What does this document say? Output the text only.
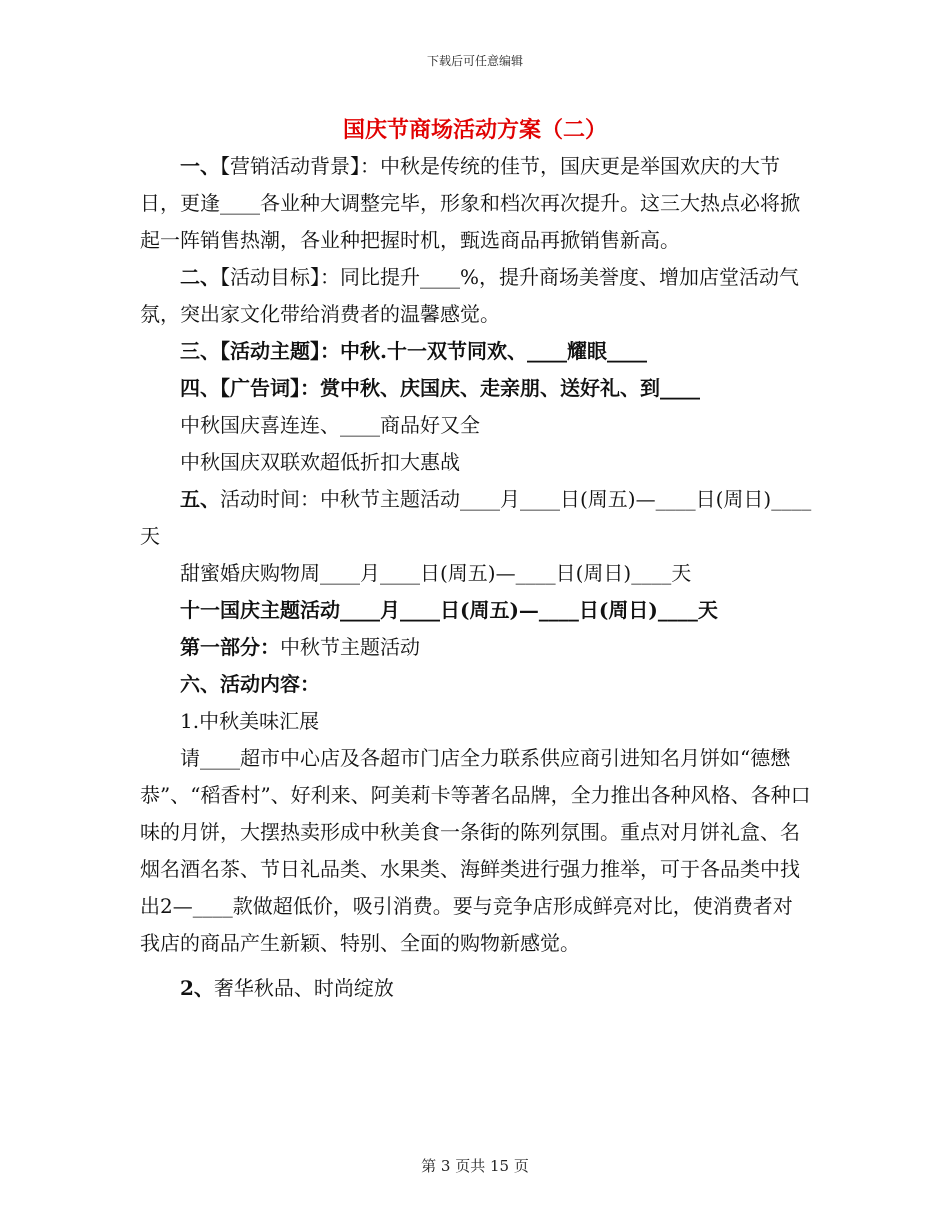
下载后可任意编辑
国庆节商场活动方案（二）

一、【营销活动背景】：中秋是传统的佳节，国庆更是举国欢庆的大节日，更逢____各业种大调整完毕，形象和档次再次提升。这三大热点必将掀起一阵销售热潮，各业种把握时机，甄选商品再掀销售新高。

二、【活动目标】：同比提升____%，提升商场美誉度、增加店堂活动气氛，突出家文化带给消费者的温馨感觉。

三、【活动主题】：中秋.十一双节同欢、____耀眼____

四、【广告词】：赏中秋、庆国庆、走亲朋、送好礼、到____

中秋国庆喜连连、____商品好又全

中秋国庆双联欢超低折扣大惠战

五、活动时间：中秋节主题活动____月____日(周五)—____日(周日)____天

甜蜜婚庆购物周____月____日(周五)—____日(周日)____天

十一国庆主题活动____月____日(周五)—____日(周日)____天

第一部分：中秋节主题活动

六、活动内容：

1.中秋美味汇展

请____超市中心店及各超市门店全力联系供应商引进知名月饼如“德懋恭”、“稻香村”、好利来、阿美莉卡等著名品牌，全力推出各种风格、各种口味的月饼，大摆热卖形成中秋美食一条街的陈列氛围。重点对月饼礼盒、名烟名酒名茶、节日礼品类、水果类、海鲜类进行强力推举，可于各品类中找出2—____款做超低价，吸引消费。要与竞争店形成鲜亮对比，使消费者对我店的商品产生新颖、特别、全面的购物新感觉。

2、奢华秋品、时尚绽放

第 3 页共 15 页
